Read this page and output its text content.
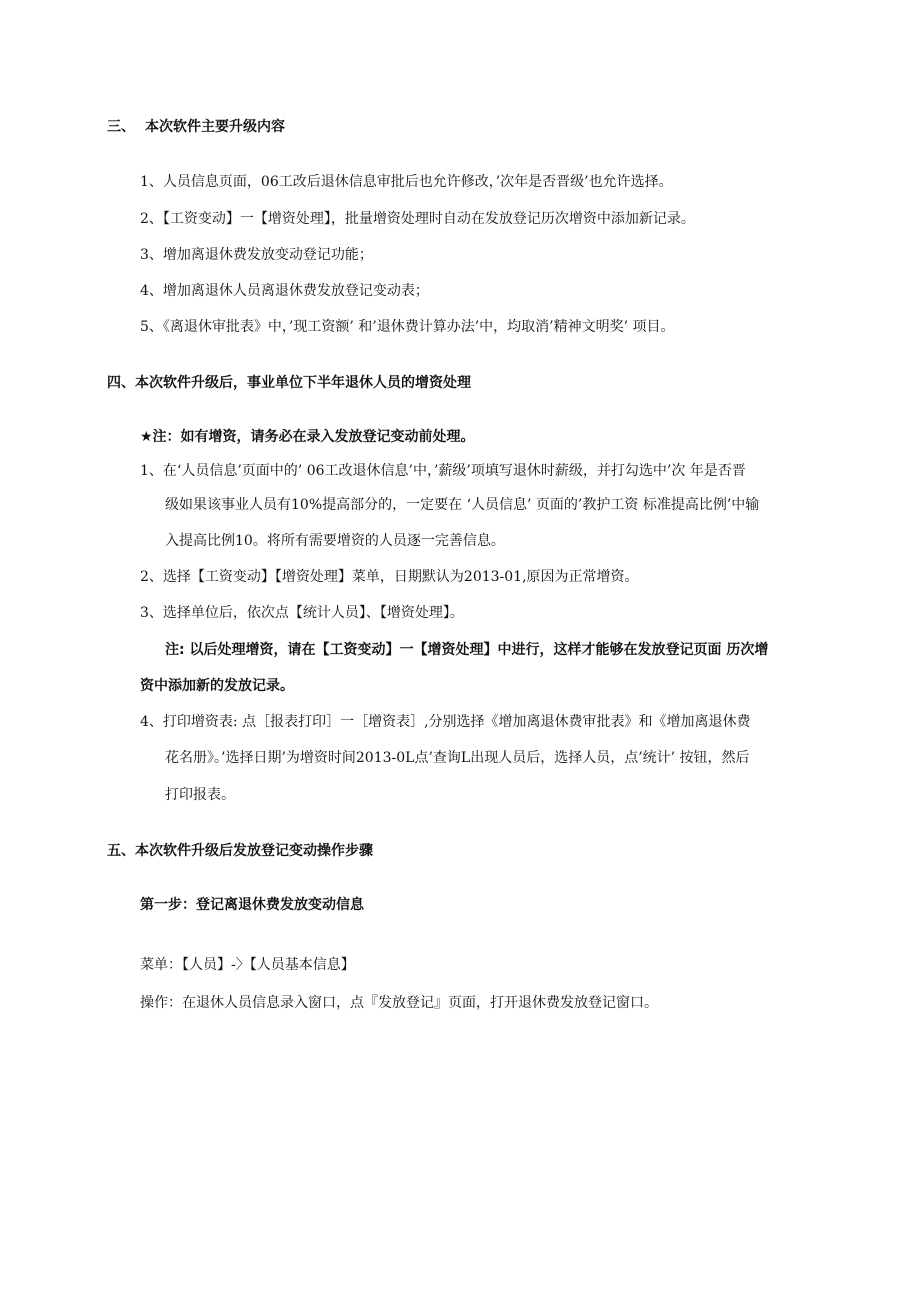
三、 本次软件主要升级内容
1、人员信息页面，06工改后退休信息审批后也允许修改，’次年是否晋级’也允许选择。
2、【工资变动】一【增资处理】，批量增资处理时自动在发放登记历次增资中添加新记录。
3、增加离退休费发放变动登记功能；
4、增加离退休人员离退休费发放登记变动表；
5、《离退休审批表》中，’现工资额’ 和’退休费计算办法’中，均取消’精神文明奖’ 项目。
四、本次软件升级后，事业单位下半年退休人员的增资处理
★注：如有增资，请务必在录入发放登记变动前处理。
1、在‘人员信息’页面中的’ 06工改退休信息’中，’薪级’项填写退休时薪级，并打勾选中’次 年是否晋
级如果该事业人员有10%提高部分的，一定要在 ‘人员信息’ 页面的’教护工资 标准提高比例’中输
入提高比例10。将所有需要增资的人员逐一完善信息。
2、选择【工资变动】【增资处理】菜单，日期默认为2013-01,原因为正常增资。
3、选择单位后，依次点【统计人员】、【增资处理】。
注: 以后处理增资，请在【工资变动】一【增资处理】中进行，这样才能够在发放登记页面 历次增
资中添加新的发放记录。
4、打印增资表: 点［报表打印］一［增资表］,分别选择《增加离退休费审批表》和《增加离退休费
花名册》。’选择日期’为增资时间2013-0L点’查询L出现人员后，选择人员，点’统计’ 按钮，然后
打印报表。
五、本次软件升级后发放登记变动操作步骤
第一步：登记离退休费发放变动信息
菜单：【人员】-〉【人员基本信息】
操作：在退休人员信息录入窗口，点『发放登记』页面，打开退休费发放登记窗口。
